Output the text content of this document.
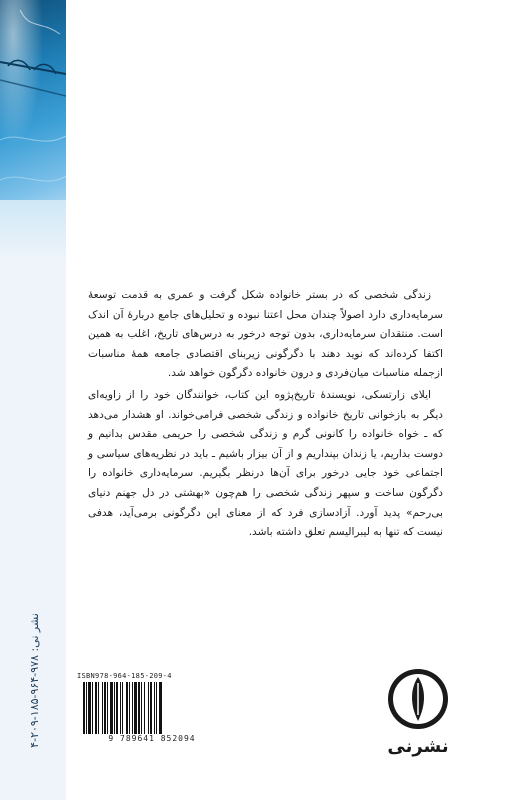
نشر نی: ۹۷۸-۹۶۴-۱۸۵-۲۰۹-۴

زندگی شخصی که در بستر خانواده شکل گرفت و عمری به قدمت توسعهٔ سرمایه‌داری دارد اصولاً چندان محل اعتنا نبوده و تحلیل‌های جامع دربارهٔ آن اندک است. منتقدان سرمایه‌داری، بدون توجه درخور به درس‌های تاریخ، اغلب به همین اکتفا کرده‌اند که نوید دهند با دگرگونی زیربنای اقتصادی جامعه همهٔ مناسبات ازجمله مناسبات میان‌فردی و درون خانواده دگرگون خواهد شد.

ایلای زارتسکی، نویسندهٔ تاریخ‌پژوه این کتاب، خوانندگان خود را از زاویه‌ای دیگر به بازخوانی تاریخ خانواده و زندگی شخصی فرامی‌خواند. او هشدار می‌دهد که ـ خواه خانواده را کانونی گرم و زندگی شخصی را حریمی مقدس بدانیم و دوست بداریم، یا زندان بپنداریم و از آن بیزار باشیم ـ باید در نظریه‌های سیاسی و اجتماعی خود جایی درخور برای آن‌ها درنظر بگیریم. سرمایه‌داری خانواده را دگرگون ساخت و سپهر زندگی شخصی را هم‌چون «بهشتی در دل جهنم دنیای بی‌رحم» پدید آورد. آزادسازی فرد که از معنای این دگرگونی برمی‌آید، هدفی نیست که تنها به لیبرالیسم تعلق داشته باشد.

ISBN978-964-185-209-4
9 789641 852094	نشرنی
